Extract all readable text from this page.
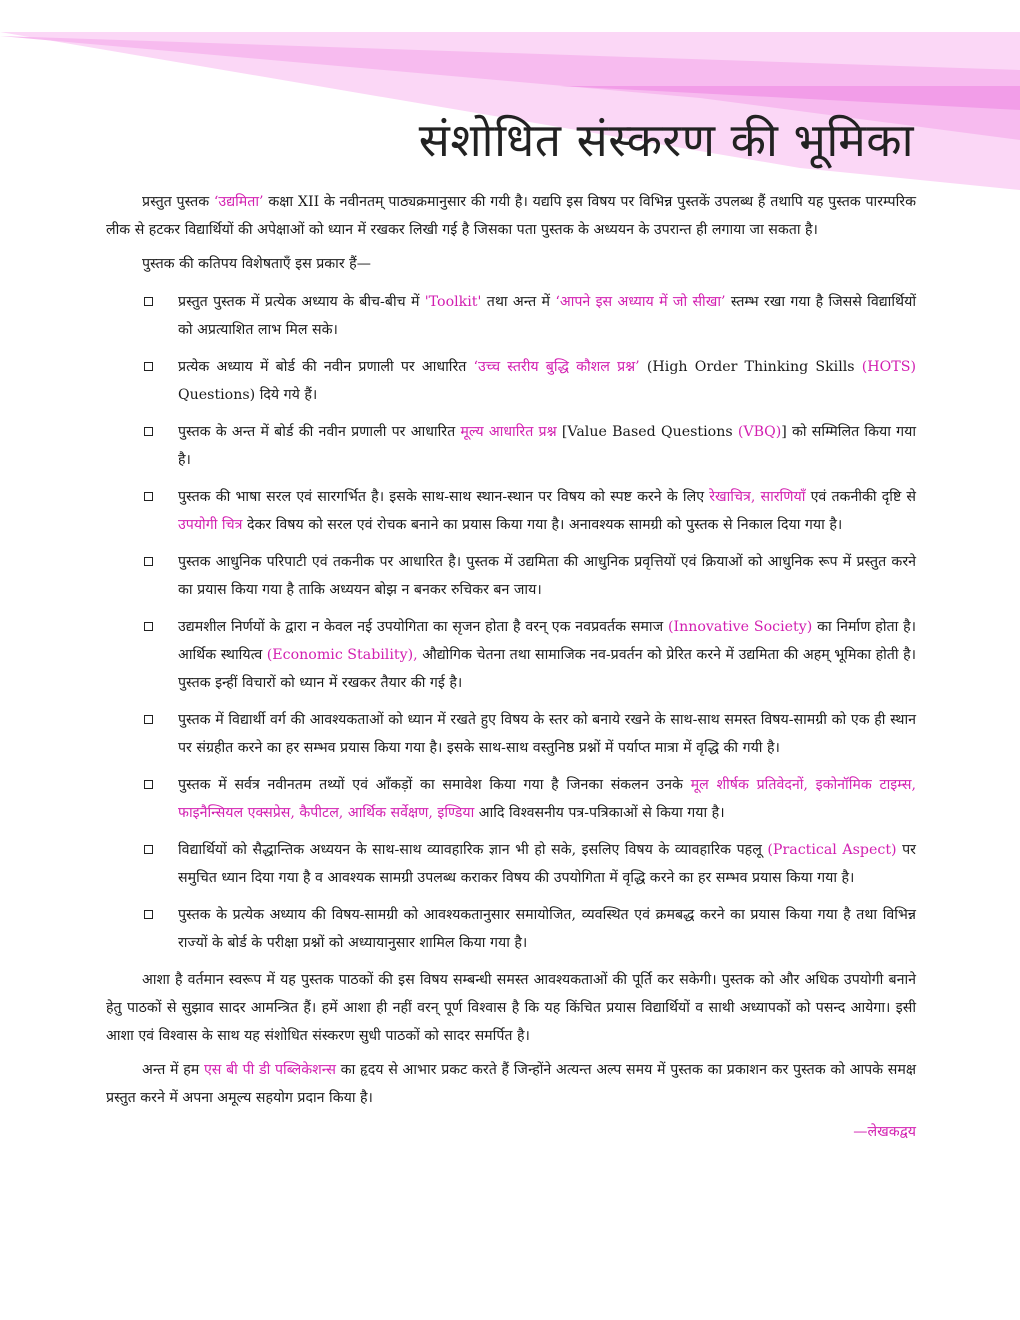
संशोधित संस्करण की भूमिका

प्रस्तुत पुस्तक ‘उद्यमिता’ कक्षा XII के नवीनतम् पाठ्यक्रमानुसार की गयी है। यद्यपि इस विषय पर विभिन्न पुस्तकें उपलब्ध हैं तथापि यह पुस्तक पारम्परिक लीक से हटकर विद्यार्थियों की अपेक्षाओं को ध्यान में रखकर लिखी गई है जिसका पता पुस्तक के अध्ययन के उपरान्त ही लगाया जा सकता है।

पुस्तक की कतिपय विशेषताएँ इस प्रकार हैं—

प्रस्तुत पुस्तक में प्रत्येक अध्याय के बीच-बीच में 'Toolkit' तथा अन्त में ‘आपने इस अध्याय में जो सीखा’ स्तम्भ रखा गया है जिससे विद्यार्थियों को अप्रत्याशित लाभ मिल सके।
प्रत्येक अध्याय में बोर्ड की नवीन प्रणाली पर आधारित ‘उच्च स्तरीय बुद्धि कौशल प्रश्न’ (High Order Thinking Skills (HOTS) Questions) दिये गये हैं।
पुस्तक के अन्त में बोर्ड की नवीन प्रणाली पर आधारित मूल्य आधारित प्रश्न [Value Based Questions (VBQ)] को सम्मिलित किया गया है।
पुस्तक की भाषा सरल एवं सारगर्भित है। इसके साथ-साथ स्थान-स्थान पर विषय को स्पष्ट करने के लिए रेखाचित्र, सारणियाँ एवं तकनीकी दृष्टि से उपयोगी चित्र देकर विषय को सरल एवं रोचक बनाने का प्रयास किया गया है। अनावश्यक सामग्री को पुस्तक से निकाल दिया गया है।
पुस्तक आधुनिक परिपाटी एवं तकनीक पर आधारित है। पुस्तक में उद्यमिता की आधुनिक प्रवृत्तियों एवं क्रियाओं को आधुनिक रूप में प्रस्तुत करने का प्रयास किया गया है ताकि अध्ययन बोझ न बनकर रुचिकर बन जाय।
उद्यमशील निर्णयों के द्वारा न केवल नई उपयोगिता का सृजन होता है वरन् एक नवप्रवर्तक समाज (Innovative Society) का निर्माण होता है। आर्थिक स्थायित्व (Economic Stability), औद्योगिक चेतना तथा सामाजिक नव-प्रवर्तन को प्रेरित करने में उद्यमिता की अहम् भूमिका होती है। पुस्तक इन्हीं विचारों को ध्यान में रखकर तैयार की गई है।
पुस्तक में विद्यार्थी वर्ग की आवश्यकताओं को ध्यान में रखते हुए विषय के स्तर को बनाये रखने के साथ-साथ समस्त विषय-सामग्री को एक ही स्थान पर संग्रहीत करने का हर सम्भव प्रयास किया गया है। इसके साथ-साथ वस्तुनिष्ठ प्रश्नों में पर्याप्त मात्रा में वृद्धि की गयी है।
पुस्तक में सर्वत्र नवीनतम तथ्यों एवं आँकड़ों का समावेश किया गया है जिनका संकलन उनके मूल शीर्षक प्रतिवेदनों, इकोनॉमिक टाइम्स, फाइनैन्सियल एक्सप्रेस, कैपीटल, आर्थिक सर्वेक्षण, इण्डिया आदि विश्वसनीय पत्र-पत्रिकाओं से किया गया है।
विद्यार्थियों को सैद्धान्तिक अध्ययन के साथ-साथ व्यावहारिक ज्ञान भी हो सके, इसलिए विषय के व्यावहारिक पहलू (Practical Aspect) पर समुचित ध्यान दिया गया है व आवश्यक सामग्री उपलब्ध कराकर विषय की उपयोगिता में वृद्धि करने का हर सम्भव प्रयास किया गया है।
पुस्तक के प्रत्येक अध्याय की विषय-सामग्री को आवश्यकतानुसार समायोजित, व्यवस्थित एवं क्रमबद्ध करने का प्रयास किया गया है तथा विभिन्न राज्यों के बोर्ड के परीक्षा प्रश्नों को अध्यायानुसार शामिल किया गया है।

आशा है वर्तमान स्वरूप में यह पुस्तक पाठकों की इस विषय सम्बन्धी समस्त आवश्यकताओं की पूर्ति कर सकेगी। पुस्तक को और अधिक उपयोगी बनाने हेतु पाठकों से सुझाव सादर आमन्त्रित हैं। हमें आशा ही नहीं वरन् पूर्ण विश्वास है कि यह किंचित प्रयास विद्यार्थियों व साथी अध्यापकों को पसन्द आयेगा। इसी आशा एवं विश्वास के साथ यह संशोधित संस्करण सुधी पाठकों को सादर समर्पित है।

अन्त में हम एस बी पी डी पब्लिकेशन्स का हृदय से आभार प्रकट करते हैं जिन्होंने अत्यन्त अल्प समय में पुस्तक का प्रकाशन कर पुस्तक को आपके समक्ष प्रस्तुत करने में अपना अमूल्य सहयोग प्रदान किया है।

—लेखकद्वय
